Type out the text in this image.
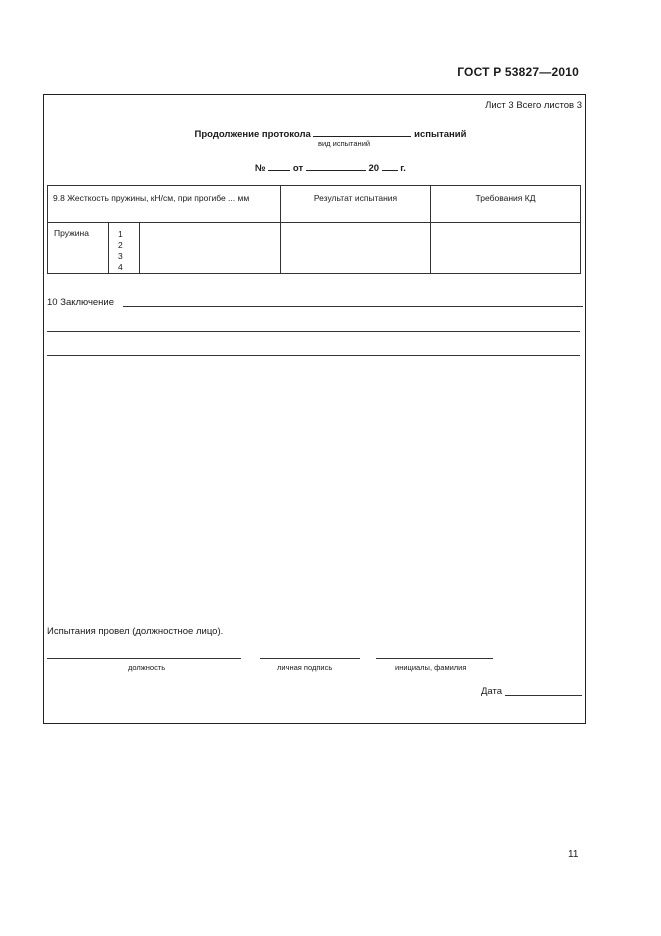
ГОСТ Р 53827—2010
Лист 3 Всего листов 3
Продолжение протокола	испытаний
вид испытаний
№	от	20 г.
9.8 Жесткость пружины, кН/см, при прогибе ... мм			Результат испытания	Требования КД
Пружина	1
2
3
4			

10 Заключение
Испытания провел (должностное лицо).
должность	личная подпись	инициалы, фамилия
Дата
11
